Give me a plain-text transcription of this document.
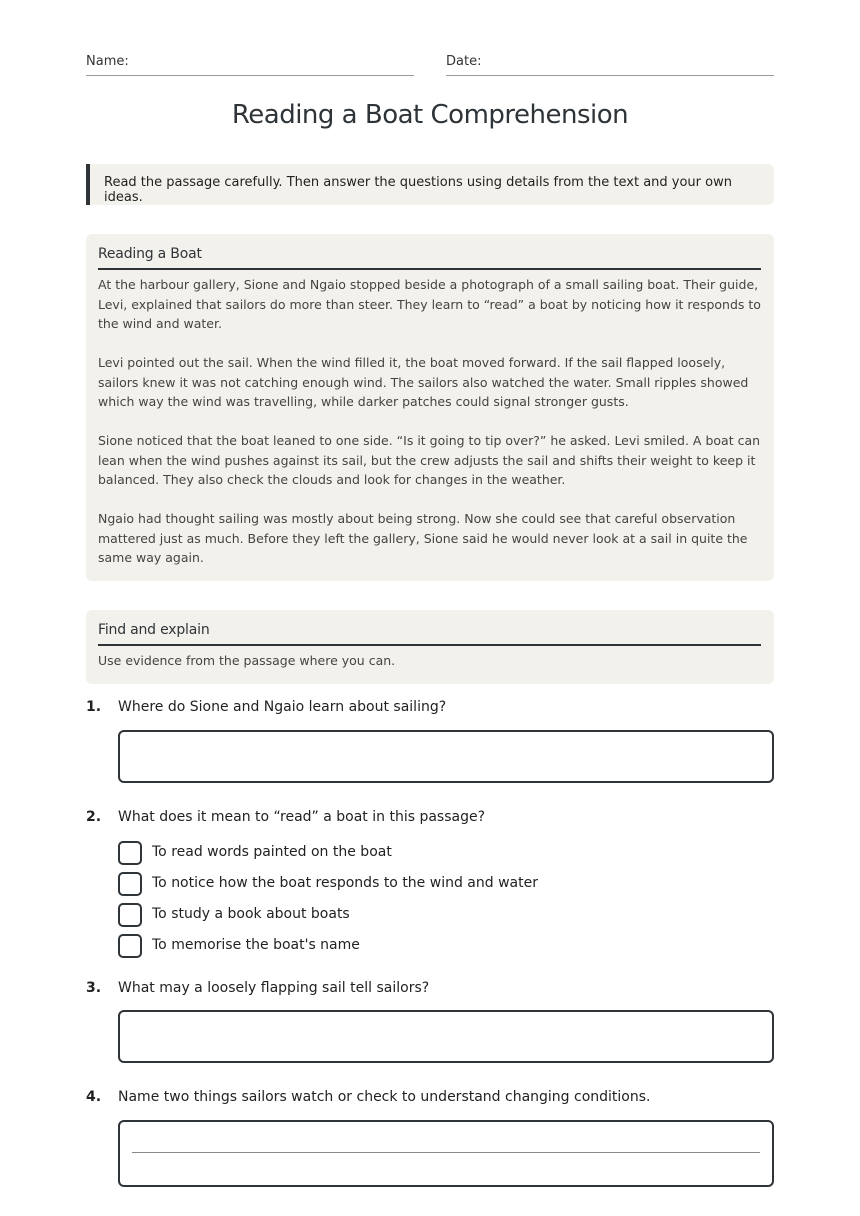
Name:	Date:
Reading a Boat Comprehension
Read the passage carefully. Then answer the questions using details from the text and your own ideas.
Reading a Boat

At the harbour gallery, Sione and Ngaio stopped beside a photograph of a small sailing boat. Their guide, Levi, explained that sailors do more than steer. They learn to “read” a boat by noticing how it responds to the wind and water.

Levi pointed out the sail. When the wind filled it, the boat moved forward. If the sail flapped loosely, sailors knew it was not catching enough wind. The sailors also watched the water. Small ripples showed which way the wind was travelling, while darker patches could signal stronger gusts.

Sione noticed that the boat leaned to one side. “Is it going to tip over?” he asked. Levi smiled. A boat can lean when the wind pushes against its sail, but the crew adjusts the sail and shifts their weight to keep it balanced. They also check the clouds and look for changes in the weather.

Ngaio had thought sailing was mostly about being strong. Now she could see that careful observation mattered just as much. Before they left the gallery, Sione said he would never look at a sail in quite the same way again.

Find and explain
Use evidence from the passage where you can.
1. Where do Sione and Ngaio learn about sailing?
2. What does it mean to “read” a boat in this passage?
To read words painted on the boat
To notice how the boat responds to the wind and water
To study a book about boats
To memorise the boat's name
3. What may a loosely flapping sail tell sailors?
4. Name two things sailors watch or check to understand changing conditions.
